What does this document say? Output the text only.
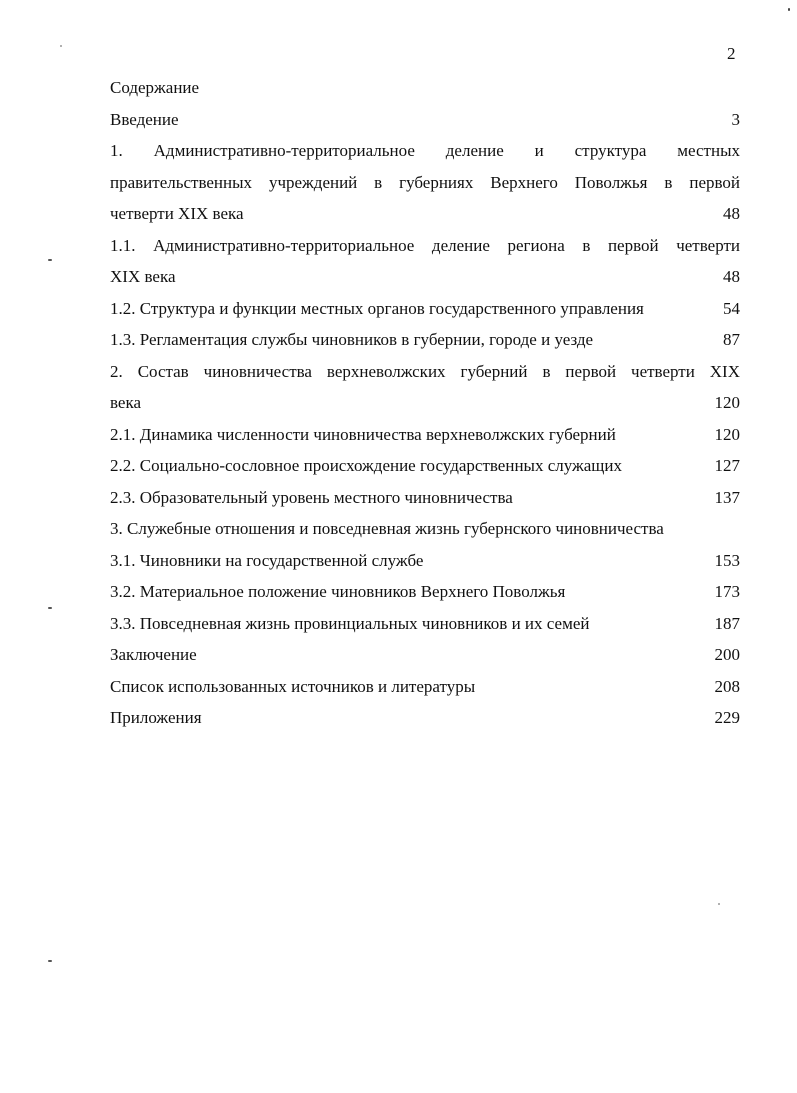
2
Содержание
Введение	3
1. Административно-территориальное деление и структура местных
правительственных учреждений в губерниях Верхнего Поволжья в первой
четверти XIX века	48
1.1. Административно-территориальное деление региона в первой четверти
XIX века	48
1.2. Структура и функции местных органов государственного управления	54
1.3. Регламентация службы чиновников в губернии, городе и уезде	87
2. Состав чиновничества верхневолжских губерний в первой четверти XIX
века	120
2.1. Динамика численности чиновничества верхневолжских губерний	120
2.2. Социально-сословное происхождение государственных служащих	127
2.3. Образовательный уровень местного чиновничества	137
3. Служебные отношения и повседневная жизнь губернского чиновничества
3.1. Чиновники на государственной службе	153
3.2. Материальное положение чиновников Верхнего Поволжья	173
3.3. Повседневная жизнь провинциальных чиновников и их семей	187
Заключение	200
Список использованных источников и литературы	208
Приложения	229
